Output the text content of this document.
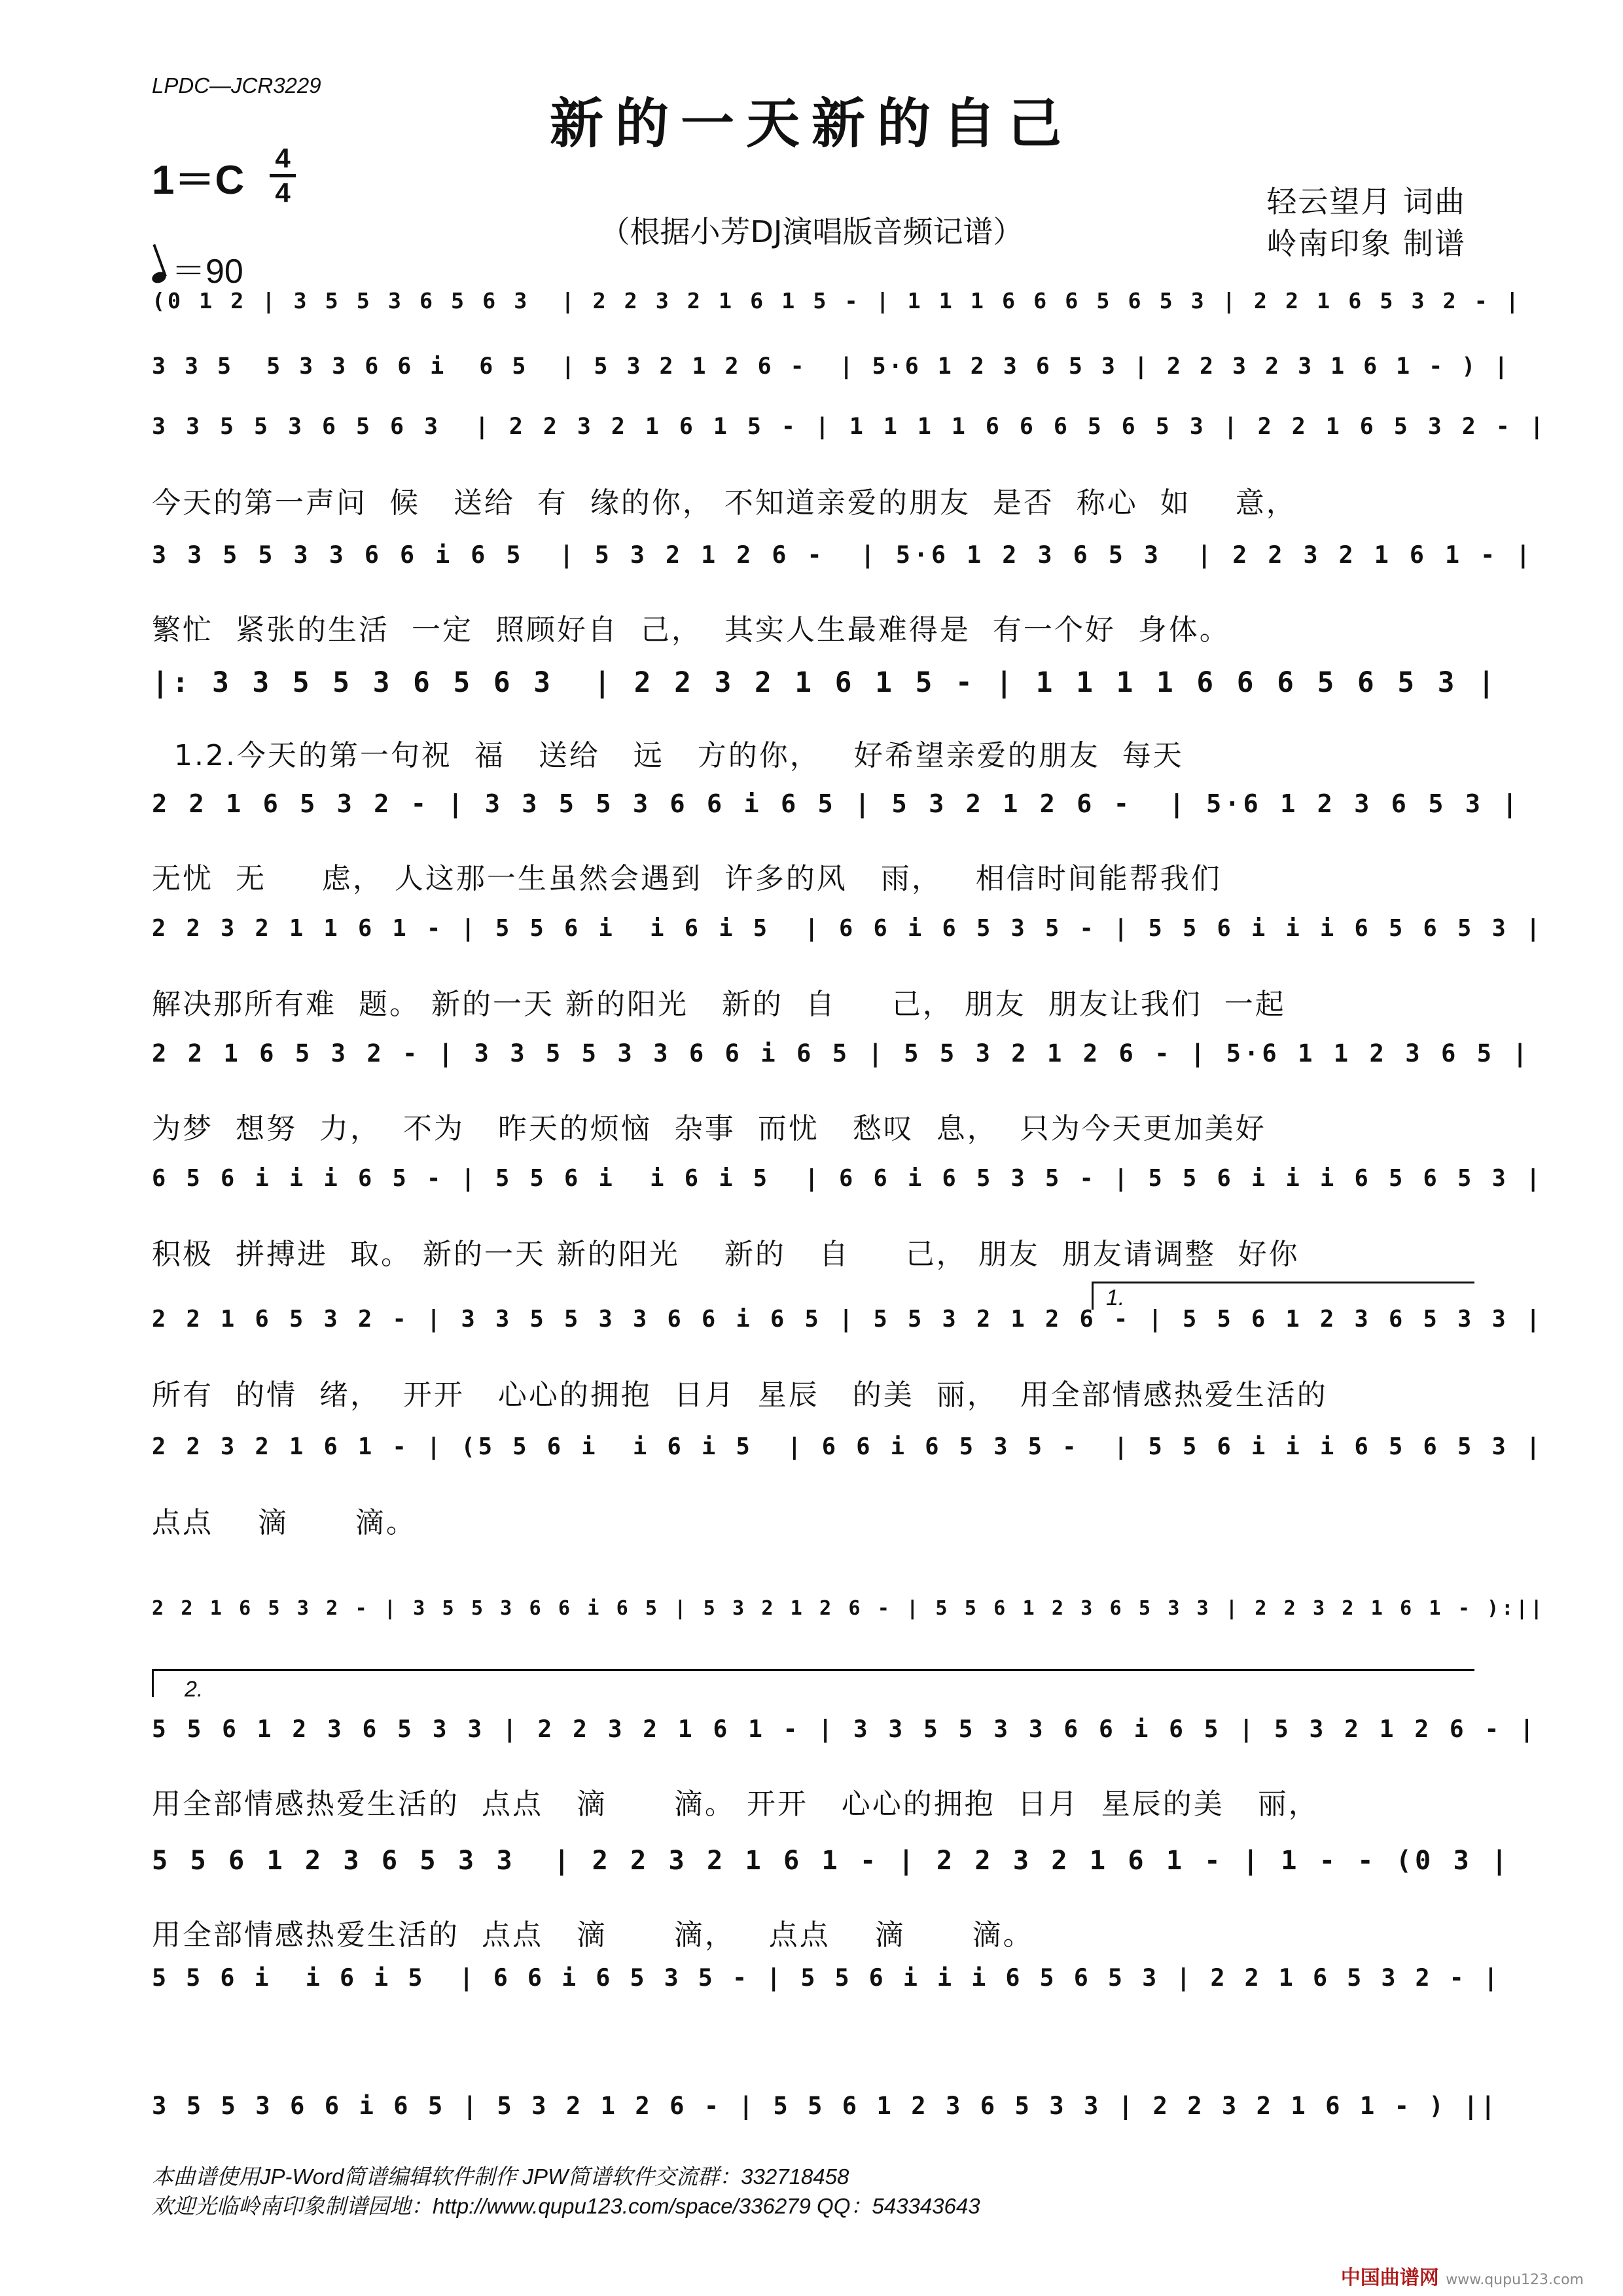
LPDC—JCR3229
新的一天新的自己
1＝C 4
4
（根据小芳DJ演唱版音频记谱）
轻云望月 词曲
岭南印象 制谱
＝90
(0 1 2 | 3 5 5 3 6 5 6 3  | 2 2 3 2 1 6 1 5 - | 1 1 1 6 6 6 5 6 5 3 | 2 2 1 6 5 3 2 - |
3 3 5  5 3 3 6 6 i  6 5  | 5 3 2 1 2 6 -  | 5·6 1 2 3 6 5 3 | 2 2 3 2 3 1 6 1 - ) |
3 3 5 5 3 6 5 6 3  | 2 2 3 2 1 6 1 5 - | 1 1 1 1 6 6 6 5 6 5 3 | 2 2 1 6 5 3 2 - |
今天的第一声问  候   送给  有  缘的你， 不知道亲爱的朋友  是否  称心  如    意，
3 3 5 5 3 3 6 6 i 6 5  | 5 3 2 1 2 6 -  | 5·6 1 2 3 6 5 3  | 2 2 3 2 1 6 1 - |
繁忙  紧张的生活  一定  照顾好自  己，  其实人生最难得是  有一个好  身体。
|: 3 3 5 5 3 6 5 6 3  | 2 2 3 2 1 6 1 5 - | 1 1 1 1 6 6 6 5 6 5 3 |
1.2.今天的第一句祝  福   送给   远   方的你，   好希望亲爱的朋友  每天
2 2 1 6 5 3 2 - | 3 3 5 5 3 6 6 i 6 5 | 5 3 2 1 2 6 -  | 5·6 1 2 3 6 5 3 |
无忧  无     虑， 人这那一生虽然会遇到  许多的风   雨，   相信时间能帮我们
2 2 3 2 1 1 6 1 - | 5 5 6 i  i 6 i 5  | 6 6 i 6 5 3 5 - | 5 5 6 i i i 6 5 6 5 3 |
解决那所有难  题。 新的一天 新的阳光   新的  自     己， 朋友  朋友让我们  一起
2 2 1 6 5 3 2 - | 3 3 5 5 3 3 6 6 i 6 5 | 5 5 3 2 1 2 6 - | 5·6 1 1 2 3 6 5 |
为梦  想努  力，  不为   昨天的烦恼  杂事  而忧   愁叹  息，  只为今天更加美好
6 5 6 i i i 6 5 - | 5 5 6 i  i 6 i 5  | 6 6 i 6 5 3 5 - | 5 5 6 i i i 6 5 6 5 3 |
积极  拼搏进  取。 新的一天 新的阳光    新的   自     己， 朋友  朋友请调整  好你
2 2 1 6 5 3 2 - | 3 3 5 5 3 3 6 6 i 6 5 | 5 5 3 2 1 2 6 - | 5 5 6 1 2 3 6 5 3 3 |
所有  的情  绪，  开开   心心的拥抱  日月  星辰   的美  丽，  用全部情感热爱生活的
2 2 3 2 1 6 1 - | (5 5 6 i  i 6 i 5  | 6 6 i 6 5 3 5 -  | 5 5 6 i i i 6 5 6 5 3 |
点点    滴      滴。
2 2 1 6 5 3 2 - | 3 5 5 3 6 6 i 6 5 | 5 3 2 1 2 6 - | 5 5 6 1 2 3 6 5 3 3 | 2 2 3 2 1 6 1 - ):||
5 5 6 1 2 3 6 5 3 3 | 2 2 3 2 1 6 1 - | 3 3 5 5 3 3 6 6 i 6 5 | 5 3 2 1 2 6 - |
用全部情感热爱生活的  点点   滴      滴。 开开   心心的拥抱  日月  星辰的美   丽，
5 5 6 1 2 3 6 5 3 3  | 2 2 3 2 1 6 1 - | 2 2 3 2 1 6 1 - | 1 - - (0 3 |
用全部情感热爱生活的  点点   滴      滴，   点点    滴      滴。
5 5 6 i  i 6 i 5  | 6 6 i 6 5 3 5 - | 5 5 6 i i i 6 5 6 5 3 | 2 2 1 6 5 3 2 - |
3 5 5 3 6 6 i 6 5 | 5 3 2 1 2 6 - | 5 5 6 1 2 3 6 5 3 3 | 2 2 3 2 1 6 1 - ) ||
1.
2.
本曲谱使用JP-Word简谱编辑软件制作 JPW简谱软件交流群：332718458
欢迎光临岭南印象制谱园地：http://www.qupu123.com/space/336279 QQ：543343643
中国曲谱网 www.qupu123.com
